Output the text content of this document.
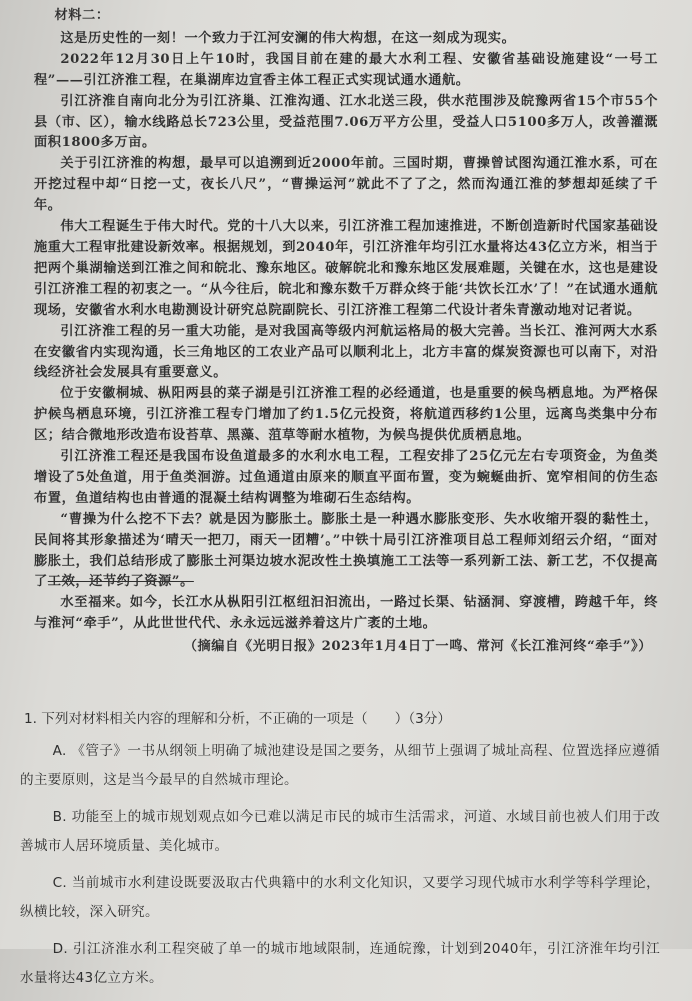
材料二：

这是历史性的一刻！一个致力于江河安澜的伟大构想，在这一刻成为现实。

2022年12月30日上午10时，我国目前在建的最大水利工程、安徽省基础设施建设“一号工程”——引江济淮工程，在巢湖库边宣香主体工程正式实现试通水通航。

引江济淮自南向北分为引江济巢、江淮沟通、江水北送三段，供水范围涉及皖豫两省15个市55个县（市、区），输水线路总长723公里，受益范围7.06万平方公里，受益人口5100多万人，改善灌溉面积1800多万亩。

关于引江济淮的构想，最早可以追溯到近2000年前。三国时期，曹操曾试图沟通江淮水系，可在开挖过程中却“日挖一丈，夜长八尺”，“曹操运河”就此不了了之，然而沟通江淮的梦想却延续了千年。

伟大工程诞生于伟大时代。党的十八大以来，引江济淮工程加速推进，不断创造新时代国家基础设施重大工程审批建设新效率。根据规划，到2040年，引江济淮年均引江水量将达43亿立方米，相当于把两个巢湖输送到江淮之间和皖北、豫东地区。破解皖北和豫东地区发展难题，关键在水，这也是建设引江济淮工程的初衷之一。“从今往后，皖北和豫东数千万群众终于能‘共饮长江水’了！”在试通水通航现场，安徽省水利水电勘测设计研究总院副院长、引江济淮工程第二代设计者朱青激动地对记者说。

引江济淮工程的另一重大功能，是对我国高等级内河航运格局的极大完善。当长江、淮河两大水系在安徽省内实现沟通，长三角地区的工农业产品可以顺利北上，北方丰富的煤炭资源也可以南下，对沿线经济社会发展具有重要意义。

位于安徽桐城、枞阳两县的菜子湖是引江济淮工程的必经通道，也是重要的候鸟栖息地。为严格保护候鸟栖息环境，引江济淮工程专门增加了约1.5亿元投资，将航道西移约1公里，远离鸟类集中分布区；结合微地形改造布设苔草、黑藻、菹草等耐水植物，为候鸟提供优质栖息地。

引江济淮工程还是我国布设鱼道最多的水利水电工程，工程安排了25亿元左右专项资金，为鱼类增设了5处鱼道，用于鱼类洄游。过鱼通道由原来的顺直平面布置，变为蜿蜒曲折、宽窄相间的仿生态布置，鱼道结构也由普通的混凝土结构调整为堆砌石生态结构。

“曹操为什么挖不下去？就是因为膨胀土。膨胀土是一种遇水膨胀变形、失水收缩开裂的黏性土，民间将其形象描述为‘晴天一把刀，雨天一团糟’。”中铁十局引江济淮项目总工程师刘绍云介绍，“面对膨胀土，我们总结形成了膨胀土河渠边坡水泥改性土换填施工工法等一系列新工法、新工艺，不仅提高了工效，还节约了资源”。

水至福来。如今，长江水从枞阳引江枢纽汩汩流出，一路过长渠、钻涵洞、穿渡槽，跨越千年，终与淮河“牵手”，从此世世代代、永永远远滋养着这片广袤的土地。

（摘编自《光明日报》2023年1月4日丁一鸣、常河《长江淮河终“牵手”》）

1. 下列对材料相关内容的理解和分析，不正确的一项是（　　）（3分）

A. 《管子》一书从纲领上明确了城池建设是国之要务，从细节上强调了城址高程、位置选择应遵循的主要原则，这是当今最早的自然城市理论。

B. 功能至上的城市规划观点如今已难以满足市民的城市生活需求，河道、水域目前也被人们用于改善城市人居环境质量、美化城市。

C. 当前城市水利建设既要汲取古代典籍中的水利文化知识，又要学习现代城市水利学等科学理论，纵横比较，深入研究。

D. 引江济淮水利工程突破了单一的城市地域限制，连通皖豫，计划到2040年，引江济淮年均引江水量将达43亿立方米。
